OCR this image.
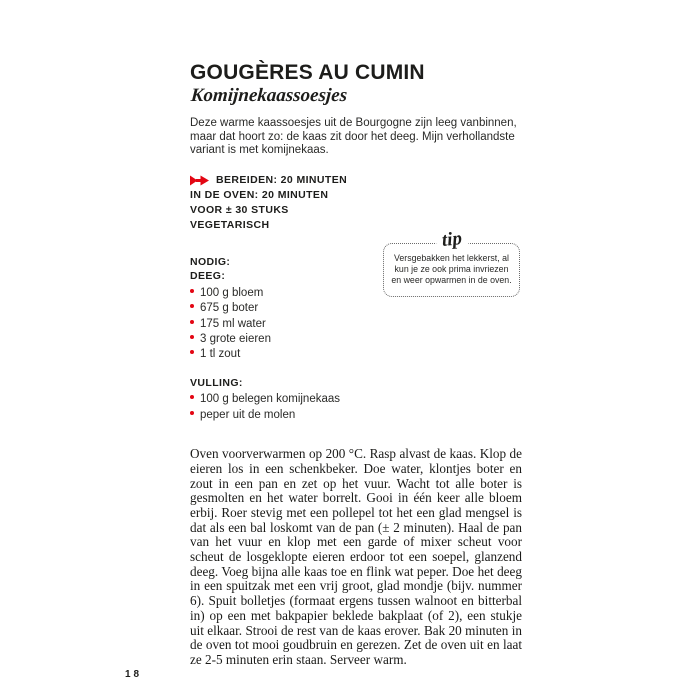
GOUGÈRES AU CUMIN
Komijnekaassoesjes

Deze warme kaassoesjes uit de Bourgogne zijn leeg vanbinnen, maar dat hoort zo: de kaas zit door het deeg. Mijn verhollandste variant is met komijnekaas.

BEREIDEN: 20 MINUTEN
IN DE OVEN: 20 MINUTEN
VOOR ± 30 STUKS
VEGETARISCH
NODIG:
DEEG:
100 g bloem
675 g boter
175 ml water
3 grote eieren
1 tl zout
VULLING:
100 g belegen komijnekaas
peper uit de molen

Oven voorverwarmen op 200 °C. Rasp alvast de kaas. Klop de eieren los in een schenkbeker. Doe water, klontjes boter en zout in een pan en zet op het vuur. Wacht tot alle boter is gesmolten en het water borrelt. Gooi in één keer alle bloem erbij. Roer stevig met een pollepel tot het een glad mengsel is dat als een bal loskomt van de pan (± 2 minuten). Haal de pan van het vuur en klop met een garde of mixer scheut voor scheut de losgeklopte eieren erdoor tot een soepel, glanzend deeg. Voeg bijna alle kaas toe en flink wat peper. Doe het deeg in een spuitzak met een vrij groot, glad mondje (bijv. nummer 6). Spuit bolletjes (formaat ergens tussen walnoot en bitterbal in) op een met bakpapier beklede bakplaat (of 2), een stukje uit elkaar. Strooi de rest van de kaas erover. Bak 20 minuten in de oven tot mooi goudbruin en gerezen. Zet de oven uit en laat ze 2-5 minuten erin staan. Serveer warm.

tip
Versgebakken het lekkerst, al kun je ze ook prima invriezen en weer opwarmen in de oven.
18
